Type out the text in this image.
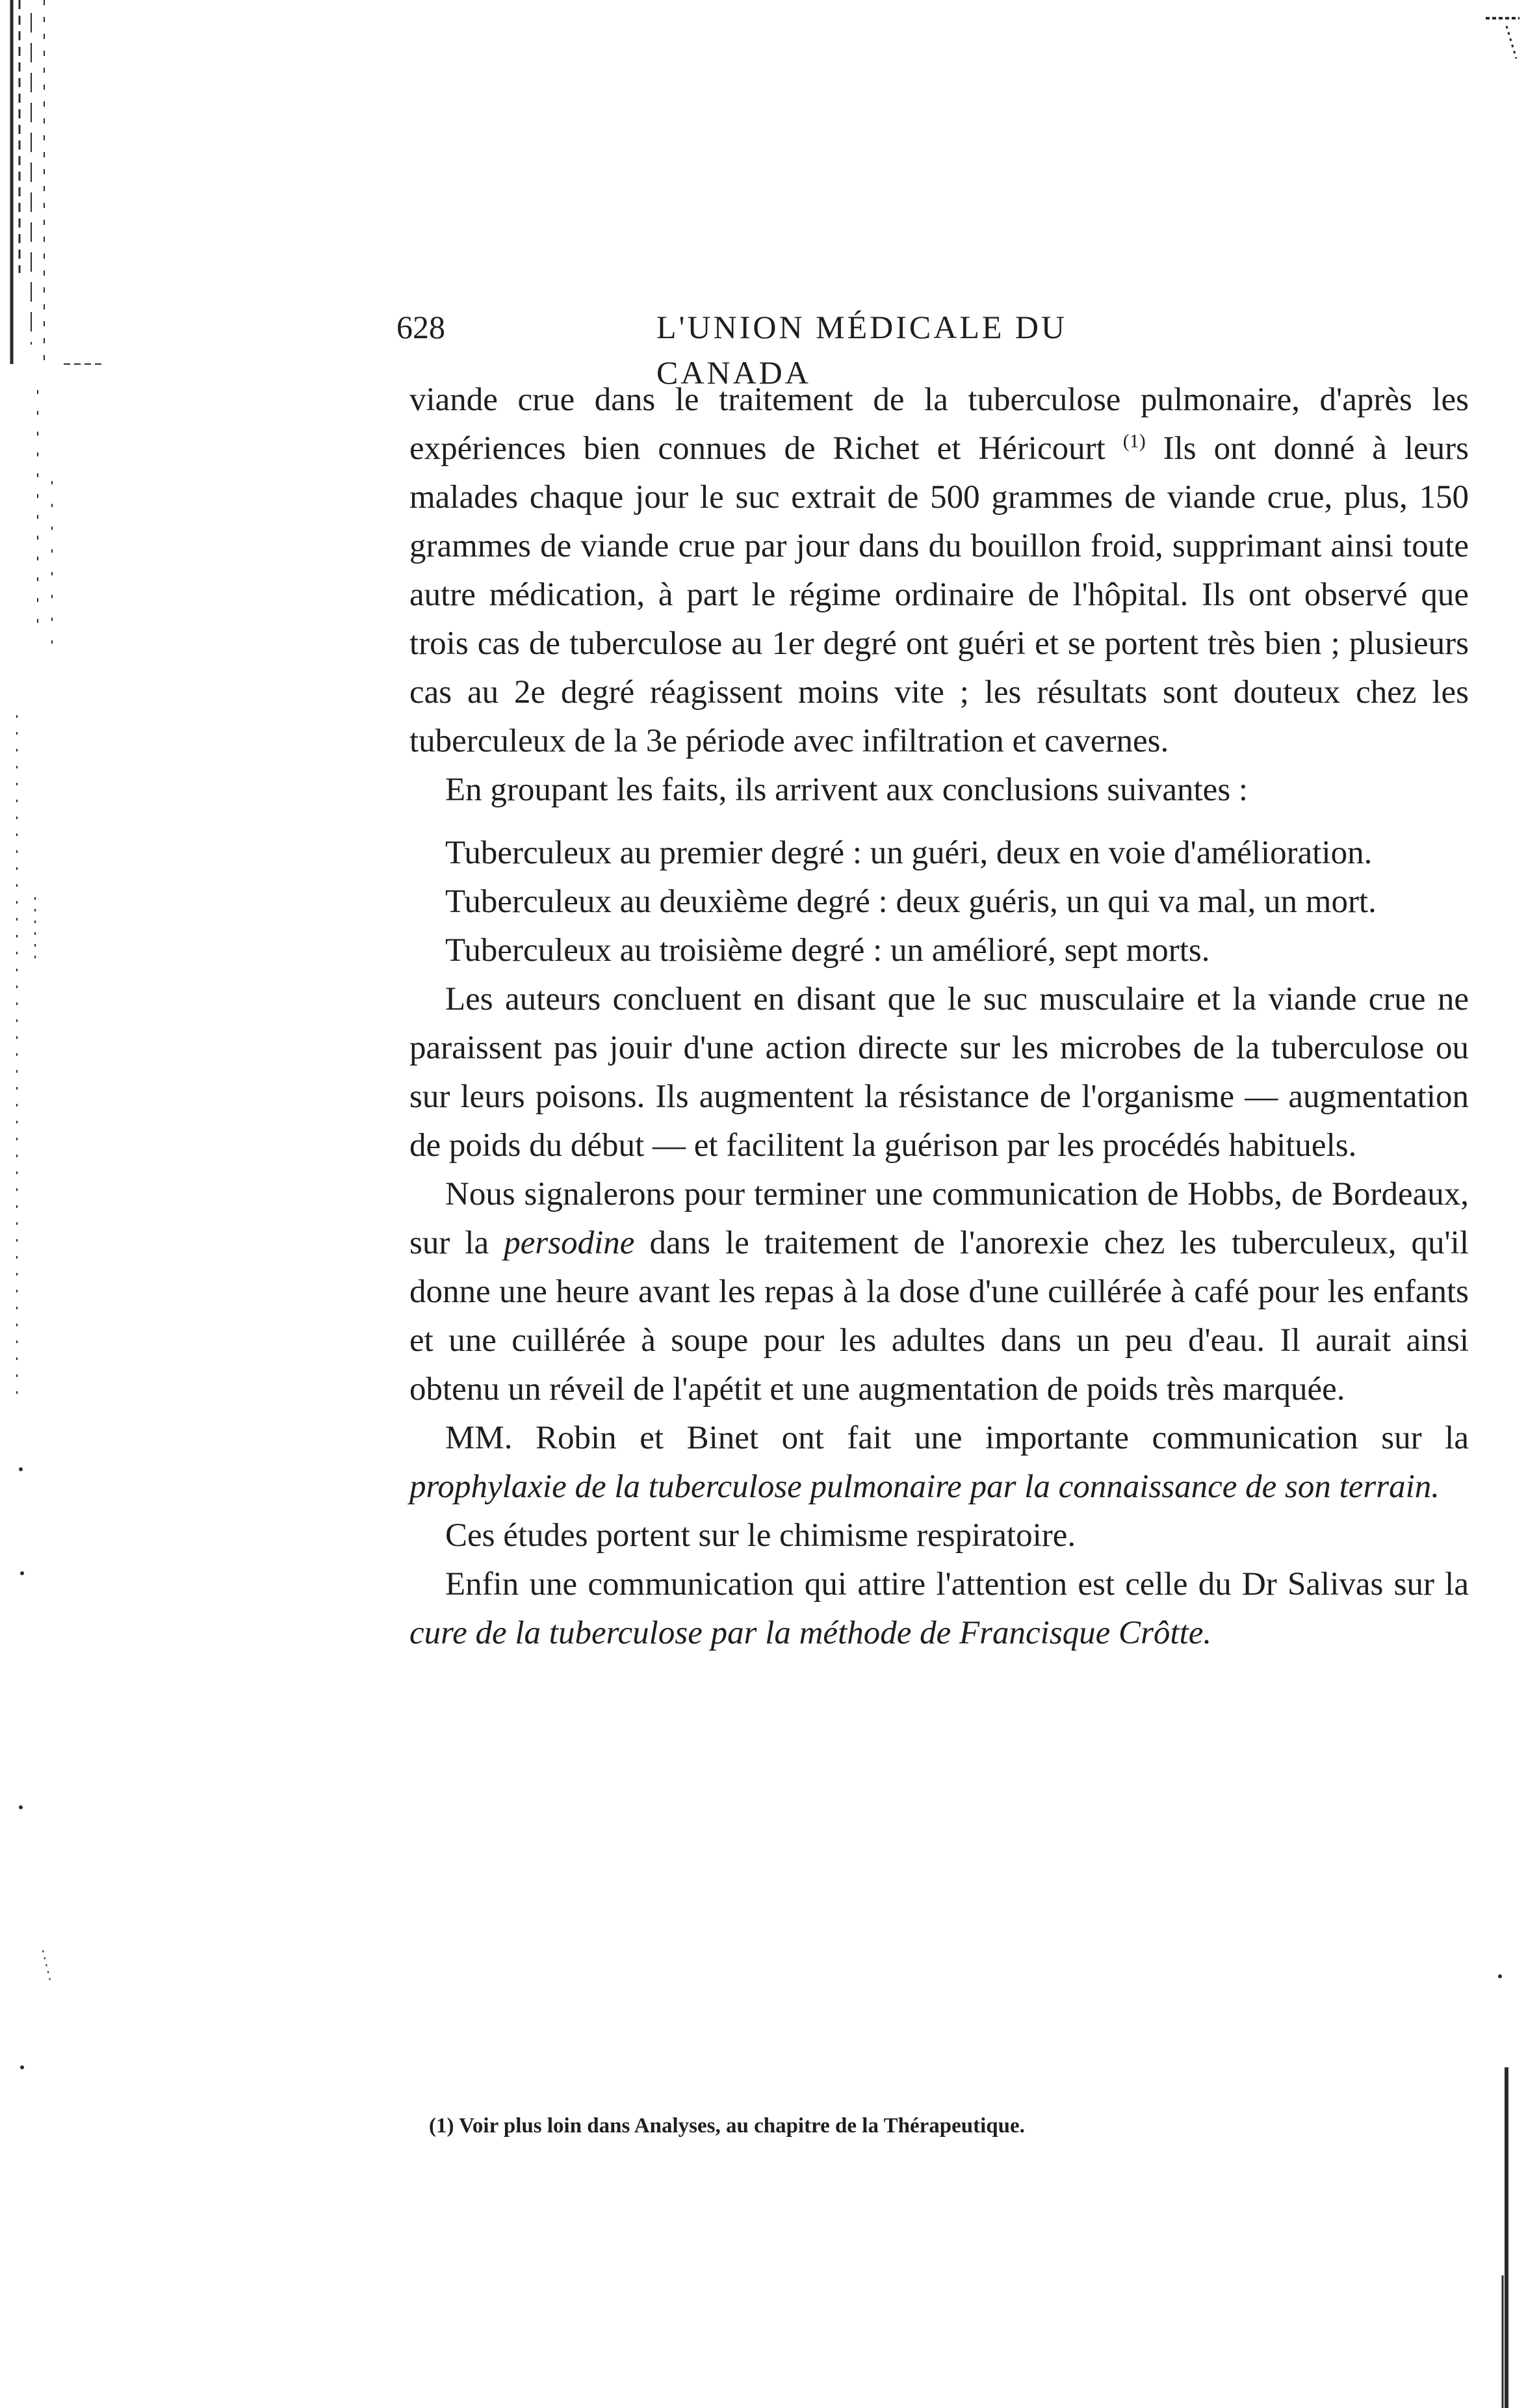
628	L'UNION MÉDICALE DU CANADA

viande crue dans le traitement de la tuberculose pulmonaire, d'après les expériences bien connues de Richet et Héricourt $^{(1)}$ Ils ont donné à leurs malades chaque jour le suc extrait de 500 grammes de viande crue, plus, 150 grammes de viande crue par jour dans du bouillon froid, supprimant ainsi toute autre médication, à part le régime ordinaire de l'hôpital. Ils ont observé que trois cas de tuberculose au 1er degré ont guéri et se portent très bien ; plusieurs cas au 2e degré réagissent moins vite ; les résultats sont douteux chez les tuberculeux de la 3e période avec infiltration et cavernes.

En groupant les faits, ils arrivent aux conclusions suivantes :

Tuberculeux au premier degré : un guéri, deux en voie d'amélioration.

Tuberculeux au deuxième degré : deux guéris, un qui va mal, un mort.

Tuberculeux au troisième degré : un amélioré, sept morts.

Les auteurs concluent en disant que le suc musculaire et la viande crue ne paraissent pas jouir d'une action directe sur les microbes de la tuberculose ou sur leurs poisons. Ils augmentent la résistance de l'organisme — augmentation de poids du début — et facilitent la guérison par les procédés habituels.

Nous signalerons pour terminer une communication de Hobbs, de Bordeaux, sur la persodine dans le traitement de l'anorexie chez les tuberculeux, qu'il donne une heure avant les repas à la dose d'une cuillérée à café pour les enfants et une cuillérée à soupe pour les adultes dans un peu d'eau. Il aurait ainsi obtenu un réveil de l'apétit et une augmentation de poids très marquée.

MM. Robin et Binet ont fait une importante communication sur la prophylaxie de la tuberculose pulmonaire par la connaissance de son terrain.

Ces études portent sur le chimisme respiratoire.

Enfin une communication qui attire l'attention est celle du Dr Salivas sur la cure de la tuberculose par la méthode de Francisque Crôtte.

(1) Voir plus loin dans Analyses, au chapitre de la Thérapeutique.
